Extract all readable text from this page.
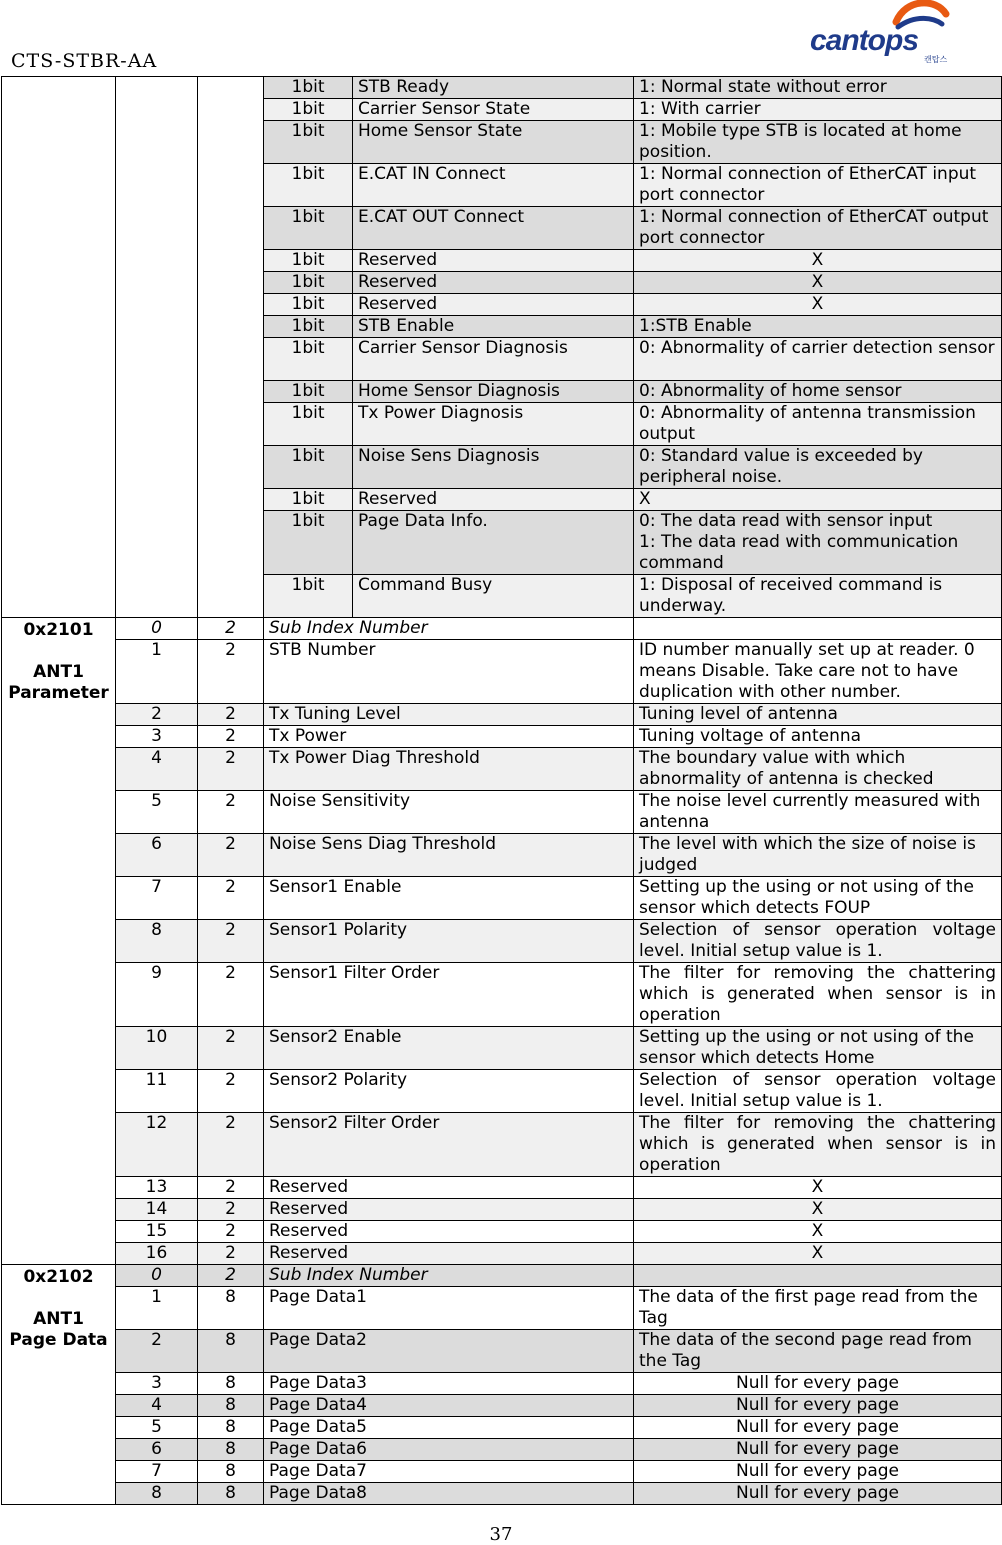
CTS-STBR-AA
cantops
캔탑스
			1bit	STB Ready	1: Normal state without error
			1bit	Carrier Sensor State	1: With carrier
			1bit	Home Sensor State	1: Mobile type STB is located at home position.
			1bit	E.CAT IN Connect	1: Normal connection of EtherCAT input port connector
			1bit	E.CAT OUT Connect	1: Normal connection of EtherCAT output port connector
			1bit	Reserved	X
			1bit	Reserved	X
			1bit	Reserved	X
			1bit	STB Enable	1:STB Enable
			1bit	Carrier Sensor Diagnosis	0: Abnormality of carrier detection sensor
			1bit	Home Sensor Diagnosis	0: Abnormality of home sensor
			1bit	Tx Power Diagnosis	0: Abnormality of antenna transmission output
			1bit	Noise Sens Diagnosis	0: Standard value is exceeded by peripheral noise.
			1bit	Reserved	X
			1bit	Page Data Info.	0: The data read with sensor input
1: The data read with communication command
			1bit	Command Busy	1: Disposal of received command is underway.

0x2101

ANT1
Parameter	0	2	Sub Index Number		
	1	2	STB Number		ID number manually set up at reader. 0 means Disable. Take care not to have duplication with other number.
	2	2	Tx Tuning Level		Tuning level of antenna
	3	2	Tx Power		Tuning voltage of antenna
	4	2	Tx Power Diag Threshold		The boundary value with which abnormality of antenna is checked
	5	2	Noise Sensitivity		The noise level currently measured with antenna
	6	2	Noise Sens Diag Threshold		The level with which the size of noise is judged
	7	2	Sensor1 Enable		Setting up the using or not using of the sensor which detects FOUP
	8	2	Sensor1 Polarity		Selection of sensor operation voltage level. Initial setup value is 1.
	9	2	Sensor1 Filter Order		The filter for removing the chattering which is generated when sensor is in operation
	10	2	Sensor2 Enable		Setting up the using or not using of the sensor which detects Home
	11	2	Sensor2 Polarity		Selection of sensor operation voltage level. Initial setup value is 1.
	12	2	Sensor2 Filter Order		The filter for removing the chattering which is generated when sensor is in operation
	13	2	Reserved		X
	14	2	Reserved		X
	15	2	Reserved		X
	16	2	Reserved		X

0x2102

ANT1
Page Data	0	2	Sub Index Number		
	1	8	Page Data1		The data of the first page read from the Tag
	2	8	Page Data2		The data of the second page read from the Tag
	3	8	Page Data3		Null for every page
	4	8	Page Data4		Null for every page
	5	8	Page Data5		Null for every page
	6	8	Page Data6		Null for every page
	7	8	Page Data7		Null for every page
	8	8	Page Data8		Null for every page
37
